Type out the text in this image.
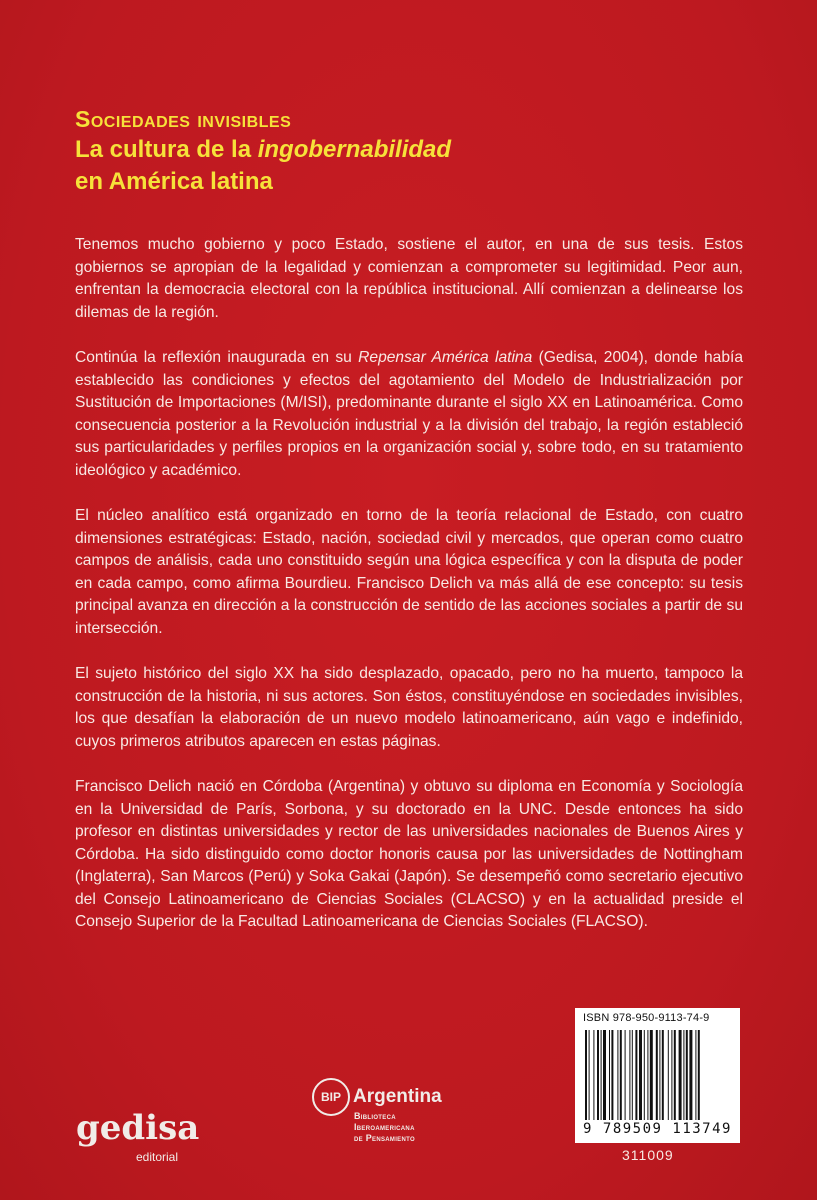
Sociedades invisibles
La cultura de la ingobernabilidad
en América latina

Tenemos mucho gobierno y poco Estado, sostiene el autor, en una de sus tesis. Estos gobiernos se apropian de la legalidad y comienzan a comprometer su legitimidad. Peor aun, enfrentan la democracia electoral con la república institucional. Allí comienzan a delinearse los dilemas de la región.

Continúa la reflexión inaugurada en su Repensar América latina (Gedisa, 2004), donde había establecido las condiciones y efectos del agotamiento del Modelo de Industrialización por Sustitución de Importaciones (M/ISI), predominante durante el siglo XX en Latinoamérica. Como consecuencia posterior a la Revolución industrial y a la división del trabajo, la región estableció sus particularidades y perfiles propios en la organización social y, sobre todo, en su tratamiento ideológico y académico.

El núcleo analítico está organizado en torno de la teoría relacional de Estado, con cuatro dimensiones estratégicas: Estado, nación, sociedad civil y mercados, que operan como cuatro campos de análisis, cada uno constituido según una lógica específica y con la disputa de poder en cada campo, como afirma Bourdieu. Francisco Delich va más allá de ese concepto: su tesis principal avanza en dirección a la construcción de sentido de las acciones sociales a partir de su intersección.

El sujeto histórico del siglo XX ha sido desplazado, opacado, pero no ha muerto, tampoco la construcción de la historia, ni sus actores. Son éstos, constituyéndose en sociedades invisibles, los que desafían la elaboración de un nuevo modelo latinoamericano, aún vago e indefinido, cuyos primeros atributos aparecen en estas páginas.

Francisco Delich nació en Córdoba (Argentina) y obtuvo su diploma en Economía y Sociología en la Universidad de París, Sorbona, y su doctorado en la UNC. Desde entonces ha sido profesor en distintas universidades y rector de las universidades nacionales de Buenos Aires y Córdoba. Ha sido distinguido como doctor honoris causa por las universidades de Nottingham (Inglaterra), San Marcos (Perú) y Soka Gakai (Japón). Se desempeñó como secretario ejecutivo del Consejo Latinoamericano de Ciencias Sociales (CLACSO) y en la actualidad preside el Consejo Superior de la Facultad Latinoamericana de Ciencias Sociales (FLACSO).

ISBN 978-950-9113-74-9
9 789509 113749
311009
gedisa
editorial
BIP Argentina
Biblioteca
Iberoamericana
de Pensamiento
